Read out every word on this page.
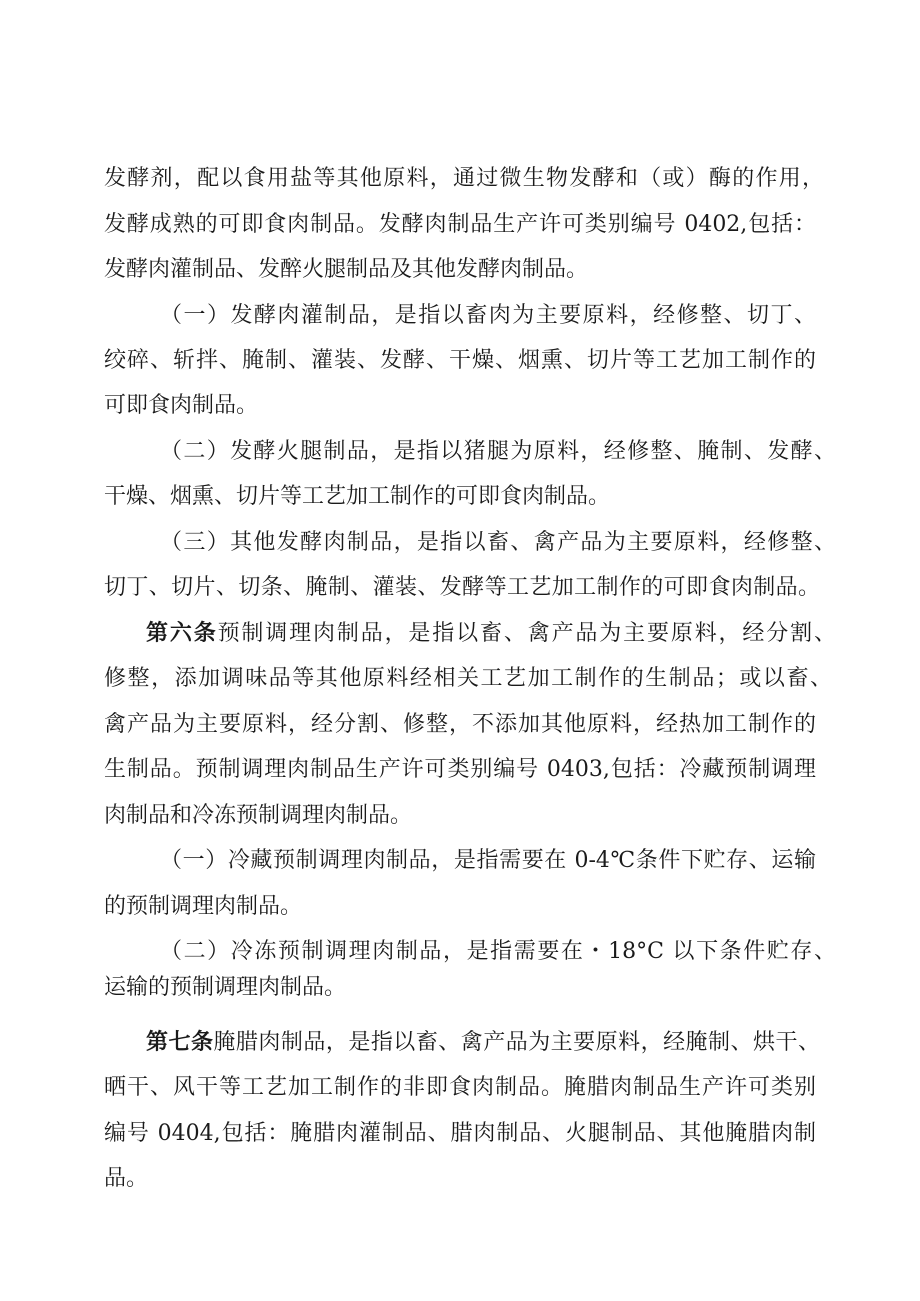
发酵剂，配以食用盐等其他原料，通过微生物发酵和（或）酶的作用，
发酵成熟的可即食肉制品。发酵肉制品生产许可类别编号 0402,包括：
发酵肉灌制品、发醉火腿制品及其他发酵肉制品。
（一）发酵肉灌制品，是指以畜肉为主要原料，经修整、切丁、
绞碎、斩拌、腌制、灌装、发酵、干燥、烟熏、切片等工艺加工制作的
可即食肉制品。
（二）发酵火腿制品，是指以猪腿为原料，经修整、腌制、发酵、
干燥、烟熏、切片等工艺加工制作的可即食肉制品。
（三）其他发酵肉制品，是指以畜、禽产品为主要原料，经修整、
切丁、切片、切条、腌制、灌装、发酵等工艺加工制作的可即食肉制品。
第六条预制调理肉制品，是指以畜、禽产品为主要原料，经分割、
修整，添加调味品等其他原料经相关工艺加工制作的生制品；或以畜、
禽产品为主要原料，经分割、修整，不添加其他原料，经热加工制作的
生制品。预制调理肉制品生产许可类别编号 0403,包括：冷藏预制调理
肉制品和冷冻预制调理肉制品。
（一）冷藏预制调理肉制品，是指需要在 0-4℃条件下贮存、运输
的预制调理肉制品。
（二）冷冻预制调理肉制品，是指需要在・18°C 以下条件贮存、
运输的预制调理肉制品。
第七条腌腊肉制品，是指以畜、禽产品为主要原料，经腌制、烘干、
晒干、风干等工艺加工制作的非即食肉制品。腌腊肉制品生产许可类别
编号 0404,包括：腌腊肉灌制品、腊肉制品、火腿制品、其他腌腊肉制
品。
